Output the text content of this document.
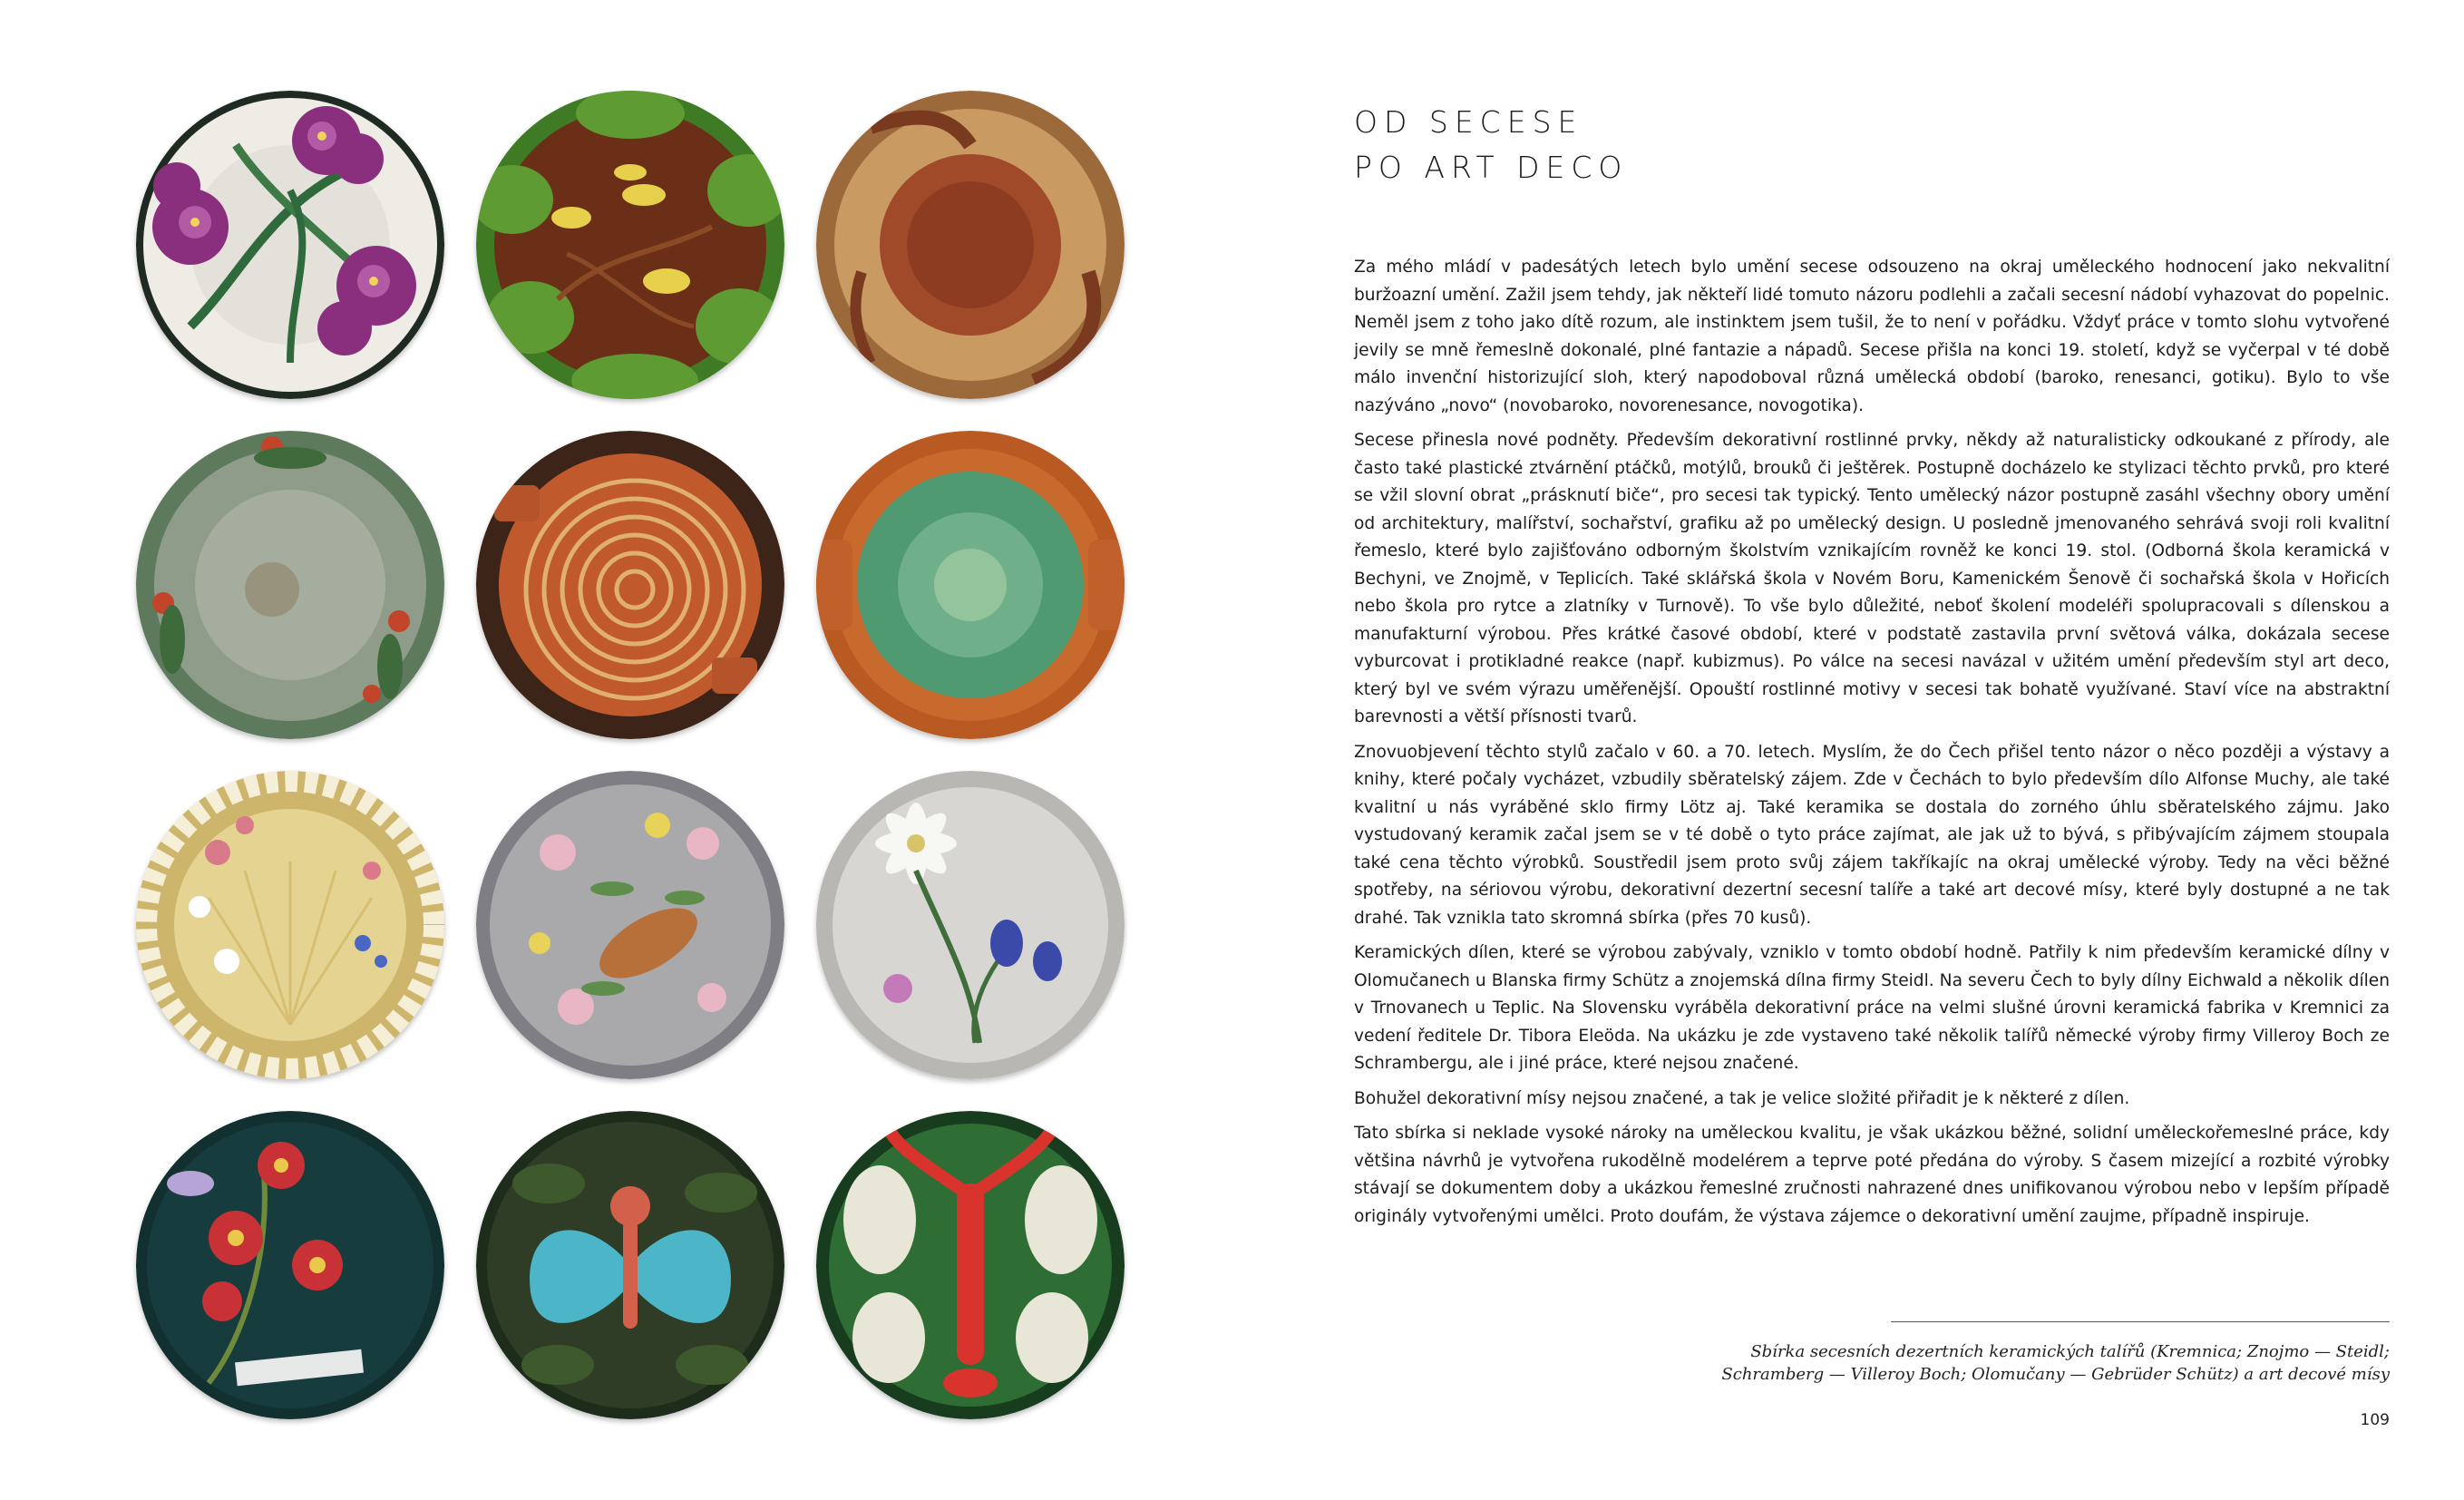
OD SECESE
PO ART DECO

Za mého mládí v padesátých letech bylo umění secese odsouzeno na okraj uměleckého hodnocení jako nekvalitní buržoazní umění. Zažil jsem tehdy, jak někteří lidé tomuto názoru podlehli a začali secesní nádobí vyhazovat do popelnic. Neměl jsem z toho jako dítě rozum, ale instinktem jsem tušil, že to není v pořádku. Vždyť práce v tomto slohu vytvořené jevily se mně řemeslně dokonalé, plné fantazie a nápadů. Secese přišla na konci 19. století, když se vyčerpal v té době málo invenční historizující sloh, který napodoboval různá umělecká období (baroko, renesanci, gotiku). Bylo to vše nazýváno „novo“ (novobaroko, novorenesance, novogotika).

Secese přinesla nové podněty. Především dekorativní rostlinné prvky, někdy až naturalisticky odkoukané z přírody, ale často také plastické ztvárnění ptáčků, motýlů, brouků či ještěrek. Postupně docházelo ke stylizaci těchto prvků, pro které se vžil slovní obrat „prásknutí biče“, pro secesi tak typický. Tento umělecký názor postupně zasáhl všechny obory umění od architektury, malířství, sochařství, grafiku až po umělecký design. U posledně jmenovaného sehrává svoji roli kvalitní řemeslo, které bylo zajišťováno odborným školstvím vznikajícím rovněž ke konci 19. stol. (Odborná škola keramická v Bechyni, ve Znojmě, v Teplicích. Také sklářská škola v Novém Boru, Kamenickém Šenově či sochařská škola v Hořicích nebo škola pro rytce a zlatníky v Turnově). To vše bylo důležité, neboť školení modeléři spolupracovali s dílenskou a manufakturní výrobou. Přes krátké časové období, které v podstatě zastavila první světová válka, dokázala secese vyburcovat i protikladné reakce (např. kubizmus). Po válce na secesi navázal v užitém umění především styl art deco, který byl ve svém výrazu uměřenější. Opouští rostlinné motivy v secesi tak bohatě využívané. Staví více na abstraktní barevnosti a větší přísnosti tvarů.

Znovuobjevení těchto stylů začalo v 60. a 70. letech. Myslím, že do Čech přišel tento názor o něco později a výstavy a knihy, které počaly vycházet, vzbudily sběratelský zájem. Zde v Čechách to bylo především dílo Alfonse Muchy, ale také kvalitní u nás vyráběné sklo firmy Lötz aj. Také keramika se dostala do zorného úhlu sběratelského zájmu. Jako vystudovaný keramik začal jsem se v té době o tyto práce zajímat, ale jak už to bývá, s přibývajícím zájmem stoupala také cena těchto výrobků. Soustředil jsem proto svůj zájem takříkajíc na okraj umělecké výroby. Tedy na věci běžné spotřeby, na sériovou výrobu, dekorativní dezertní secesní talíře a také art decové mísy, které byly dostupné a ne tak drahé. Tak vznikla tato skromná sbírka (přes 70 kusů).

Keramických dílen, které se výrobou zabývaly, vzniklo v tomto období hodně. Patřily k nim především keramické dílny v Olomučanech u Blanska firmy Schütz a znojemská dílna firmy Steidl. Na severu Čech to byly dílny Eichwald a několik dílen v Trnovanech u Teplic. Na Slovensku vyráběla dekorativní práce na velmi slušné úrovni keramická fabrika v Kremnici za vedení ředitele Dr. Tibora Eleöda. Na ukázku je zde vystaveno také několik talířů německé výroby firmy Villeroy Boch ze Schrambergu, ale i jiné práce, které nejsou značené.

Bohužel dekorativní mísy nejsou značené, a tak je velice složité přiřadit je k některé z dílen.

Tato sbírka si neklade vysoké nároky na uměleckou kvalitu, je však ukázkou běžné, solidní uměleckořemeslné práce, kdy většina návrhů je vytvořena rukodělně modelérem a teprve poté předána do výroby. S časem mizející a rozbité výrobky stávají se dokumentem doby a ukázkou řemeslné zručnosti nahrazené dnes unifikovanou výrobou nebo v lepším případě originály vytvořenými umělci. Proto doufám, že výstava zájemce o dekorativní umění zaujme, případně inspiruje.

Sbírka secesních dezertních keramických talířů (Kremnica; Znojmo — Steidl;
Schramberg — Villeroy Boch; Olomučany — Gebrüder Schütz) a art decové mísy
109
